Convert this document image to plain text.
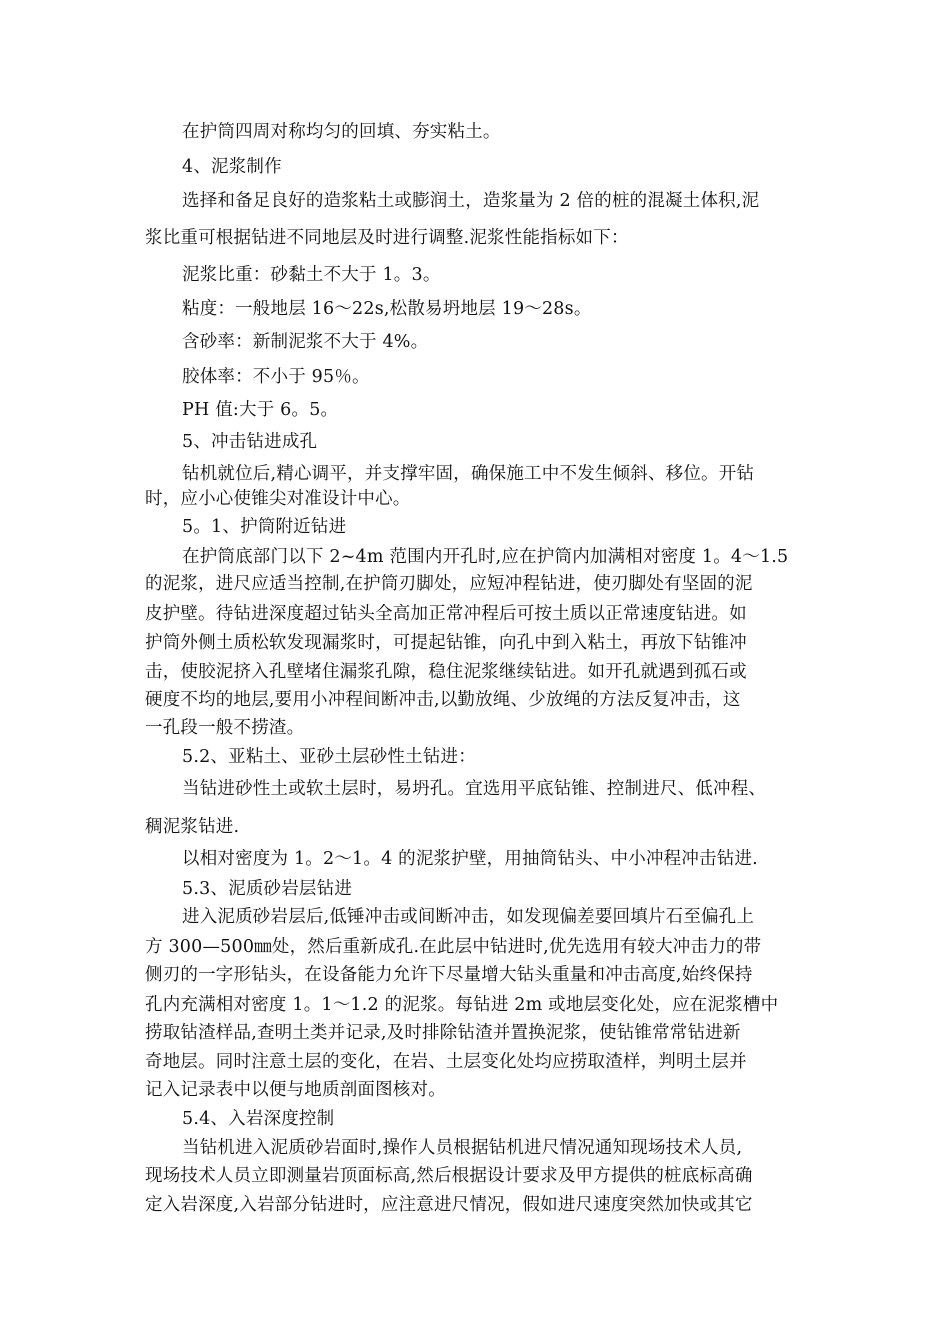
在护筒四周对称均匀的回填、夯实粘土。
4、泥浆制作
选择和备足良好的造浆粘土或膨润土，造浆量为 2 倍的桩的混凝土体积,泥
浆比重可根据钻进不同地层及时进行调整.泥浆性能指标如下：
泥浆比重：砂黏土不大于 1。3。
粘度：一般地层 16～22s,松散易坍地层 19～28s。
含砂率：新制泥浆不大于 4%。
胶体率：不小于 95％。
PH 值:大于 6。5。
5、冲击钻进成孔
钻机就位后,精心调平，并支撑牢固，确保施工中不发生倾斜、移位。开钻
时，应小心使锥尖对准设计中心。
5。1、护筒附近钻进
在护筒底部门以下 2~4m 范围内开孔时,应在护筒内加满相对密度 1。4～1.5
的泥浆，进尺应适当控制,在护筒刃脚处，应短冲程钻进，使刃脚处有坚固的泥
皮护壁。待钻进深度超过钻头全高加正常冲程后可按土质以正常速度钻进。如
护筒外侧土质松软发现漏浆时，可提起钻锥，向孔中到入粘土，再放下钻锥冲
击，使胶泥挤入孔壁堵住漏浆孔隙，稳住泥浆继续钻进。如开孔就遇到孤石或
硬度不均的地层,要用小冲程间断冲击,以勤放绳、少放绳的方法反复冲击，这
一孔段一般不捞渣。
5.2、亚粘土、亚砂土层砂性土钻进：
当钻进砂性土或软土层时，易坍孔。宜选用平底钻锥、控制进尺、低冲程、
稠泥浆钻进.
以相对密度为 1。2～1。4 的泥浆护壁，用抽筒钻头、中小冲程冲击钻进.
5.3、泥质砂岩层钻进
进入泥质砂岩层后,低锤冲击或间断冲击，如发现偏差要回填片石至偏孔上
方 300—500㎜处，然后重新成孔.在此层中钻进时,优先选用有较大冲击力的带
侧刃的一字形钻头，在设备能力允许下尽量增大钻头重量和冲击高度,始终保持
孔内充满相对密度 1。1～1.2 的泥浆。每钻进 2m 或地层变化处，应在泥浆槽中
捞取钻渣样品,查明土类并记录,及时排除钻渣并置换泥浆，使钻锥常常钻进新
奇地层。同时注意土层的变化，在岩、土层变化处均应捞取渣样，判明土层并
记入记录表中以便与地质剖面图核对。
5.4、入岩深度控制
当钻机进入泥质砂岩面时,操作人员根据钻机进尺情况通知现场技术人员,
现场技术人员立即测量岩顶面标高,然后根据设计要求及甲方提供的桩底标高确
定入岩深度,入岩部分钻进时，应注意进尺情况，假如进尺速度突然加快或其它
